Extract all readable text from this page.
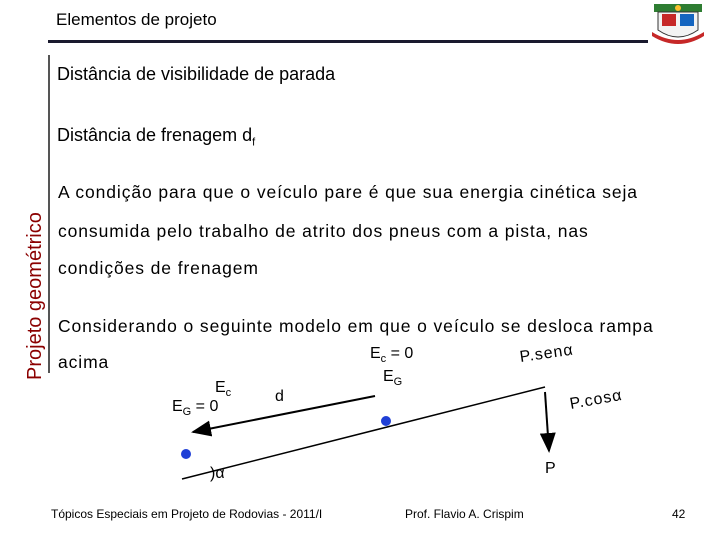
Elementos de projeto
Projeto geométrico
Distância de visibilidade de parada
Distância de frenagem $d_f$
A condição para que o veículo pare é que sua energia cinética seja
consumida pelo trabalho de atrito dos pneus com a pista, nas
condições de frenagem
Considerando o seguinte modelo em que o veículo se desloca rampa
acima
$E_c$
$E_G = 0$
d
$E_c = 0$
$E_G$
P.senα
P.cosα
P
)α
Tópicos Especiais em Projeto de Rodovias - 2011/I	Prof. Flavio A. Crispim	42
